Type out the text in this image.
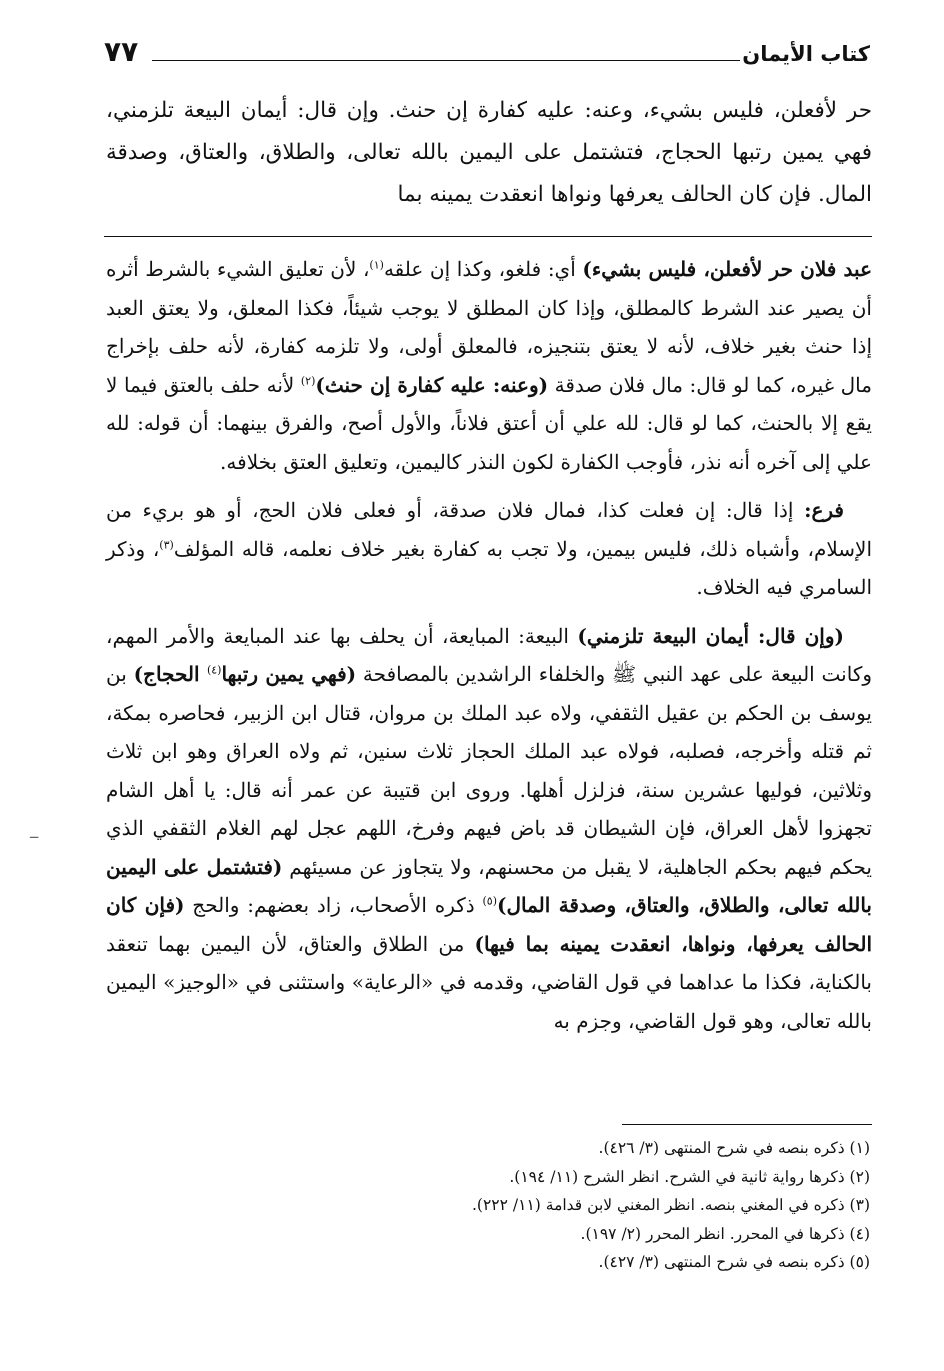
كتاب الأيمان
٧٧
حر لأفعلن، فليس بشيء، وعنه: عليه كفارة إن حنث. وإن قال: أيمان البيعة تلزمني، فهي يمين رتبها الحجاج، فتشتمل على اليمين بالله تعالى، والطلاق، والعتاق، وصدقة المال. فإن كان الحالف يعرفها ونواها انعقدت يمينه بما

عبد فلان حر لأفعلن، فليس بشيء) أي: فلغو، وكذا إن علقه$^{(١)}$، لأن تعليق الشيء بالشرط أثره أن يصير عند الشرط كالمطلق، وإذا كان المطلق لا يوجب شيئاً، فكذا المعلق، ولا يعتق العبد إذا حنث بغير خلاف، لأنه لا يعتق بتنجيزه، فالمعلق أولى، ولا تلزمه كفارة، لأنه حلف بإخراج مال غيره، كما لو قال: مال فلان صدقة (وعنه: عليه كفارة إن حنث)$^{(٢)}$ لأنه حلف بالعتق فيما لا يقع إلا بالحنث، كما لو قال: لله علي أن أعتق فلاناً، والأول أصح، والفرق بينهما: أن قوله: لله علي إلى آخره أنه نذر، فأوجب الكفارة لكون النذر كاليمين، وتعليق العتق بخلافه.

فرع: إذا قال: إن فعلت كذا، فمال فلان صدقة، أو فعلى فلان الحج، أو هو بريء من الإسلام، وأشباه ذلك، فليس بيمين، ولا تجب به كفارة بغير خلاف نعلمه، قاله المؤلف$^{(٣)}$، وذكر السامري فيه الخلاف.

(وإن قال: أيمان البيعة تلزمني) البيعة: المبايعة، أن يحلف بها عند المبايعة والأمر المهم، وكانت البيعة على عهد النبي ﷺ والخلفاء الراشدين بالمصافحة (فهي يمين رتبها$^{(٤)}$ الحجاج) بن يوسف بن الحكم بن عقيل الثقفي، ولاه عبد الملك بن مروان، قتال ابن الزبير، فحاصره بمكة، ثم قتله وأخرجه، فصلبه، فولاه عبد الملك الحجاز ثلاث سنين، ثم ولاه العراق وهو ابن ثلاث وثلاثين، فوليها عشرين سنة، فزلزل أهلها. وروى ابن قتيبة عن عمر أنه قال: يا أهل الشام تجهزوا لأهل العراق، فإن الشيطان قد باض فيهم وفرخ، اللهم عجل لهم الغلام الثقفي الذي يحكم فيهم بحكم الجاهلية، لا يقبل من محسنهم، ولا يتجاوز عن مسيئهم (فتشتمل على اليمين بالله تعالى، والطلاق، والعتاق، وصدقة المال)$^{(٥)}$ ذكره الأصحاب، زاد بعضهم: والحج (فإن كان الحالف يعرفها، ونواها، انعقدت يمينه بما فيها) من الطلاق والعتاق، لأن اليمين بهما تنعقد بالكناية، فكذا ما عداهما في قول القاضي، وقدمه في «الرعاية» واستثنى في «الوجيز» اليمين بالله تعالى، وهو قول القاضي، وجزم به

(١) ذكره بنصه في شرح المنتهى (٣/ ٤٢٦).
(٢) ذكرها رواية ثانية في الشرح. انظر الشرح (١١/ ١٩٤).
(٣) ذكره في المغني بنصه. انظر المغني لابن قدامة (١١/ ٢٢٢).
(٤) ذكرها في المحرر. انظر المحرر (٢/ ١٩٧).
(٥) ذكره بنصه في شرح المنتهى (٣/ ٤٢٧).
ـ‍ـ
